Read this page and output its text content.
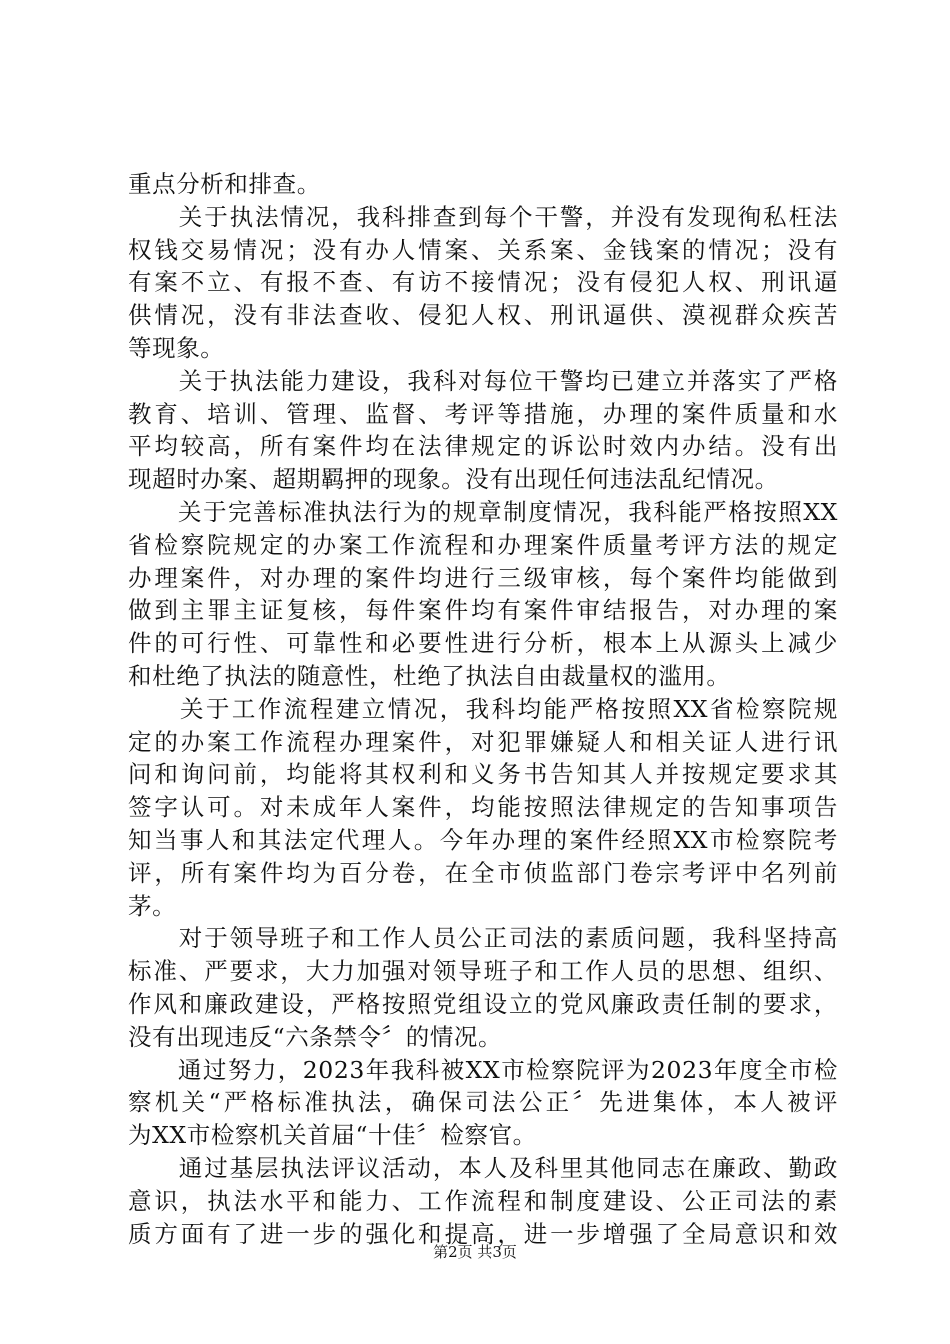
重点分析和排查。
　　关于执法情况，我科排查到每个干警，并没有发现徇私枉法
权钱交易情况；没有办人情案、关系案、金钱案的情况；没有
有案不立、有报不查、有访不接情况；没有侵犯人权、刑讯逼
供情况，没有非法查收、侵犯人权、刑讯逼供、漠视群众疾苦
等现象。
　　关于执法能力建设，我科对每位干警均已建立并落实了严格
教育、培训、管理、监督、考评等措施，办理的案件质量和水
平均较高，所有案件均在法律规定的诉讼时效内办结。没有出
现超时办案、超期羁押的现象。没有出现任何违法乱纪情况。
　　关于完善标准执法行为的规章制度情况，我科能严格按照XX
省检察院规定的办案工作流程和办理案件质量考评方法的规定
办理案件，对办理的案件均进行三级审核，每个案件均能做到
做到主罪主证复核，每件案件均有案件审结报告，对办理的案
件的可行性、可靠性和必要性进行分析，根本上从源头上减少
和杜绝了执法的随意性，杜绝了执法自由裁量权的滥用。
　　关于工作流程建立情况，我科均能严格按照XX省检察院规
定的办案工作流程办理案件，对犯罪嫌疑人和相关证人进行讯
问和询问前，均能将其权利和义务书告知其人并按规定要求其
签字认可。对未成年人案件，均能按照法律规定的告知事项告
知当事人和其法定代理人。今年办理的案件经照XX市检察院考
评，所有案件均为百分卷，在全市侦监部门卷宗考评中名列前
茅。
　　对于领导班子和工作人员公正司法的素质问题，我科坚持高
标准、严要求，大力加强对领导班子和工作人员的思想、组织、
作风和廉政建设，严格按照党组设立的党风廉政责任制的要求，
没有出现违反“六条禁令〞的情况。
　　通过努力，2023年我科被XX市检察院评为2023年度全市检
察机关“严格标准执法，确保司法公正〞先进集体，本人被评
为XX市检察机关首届“十佳〞检察官。
　　通过基层执法评议活动，本人及科里其他同志在廉政、勤政
意识，执法水平和能力、工作流程和制度建设、公正司法的素
质方面有了进一步的强化和提高，进一步增强了全局意识和效
第2页 共3页
